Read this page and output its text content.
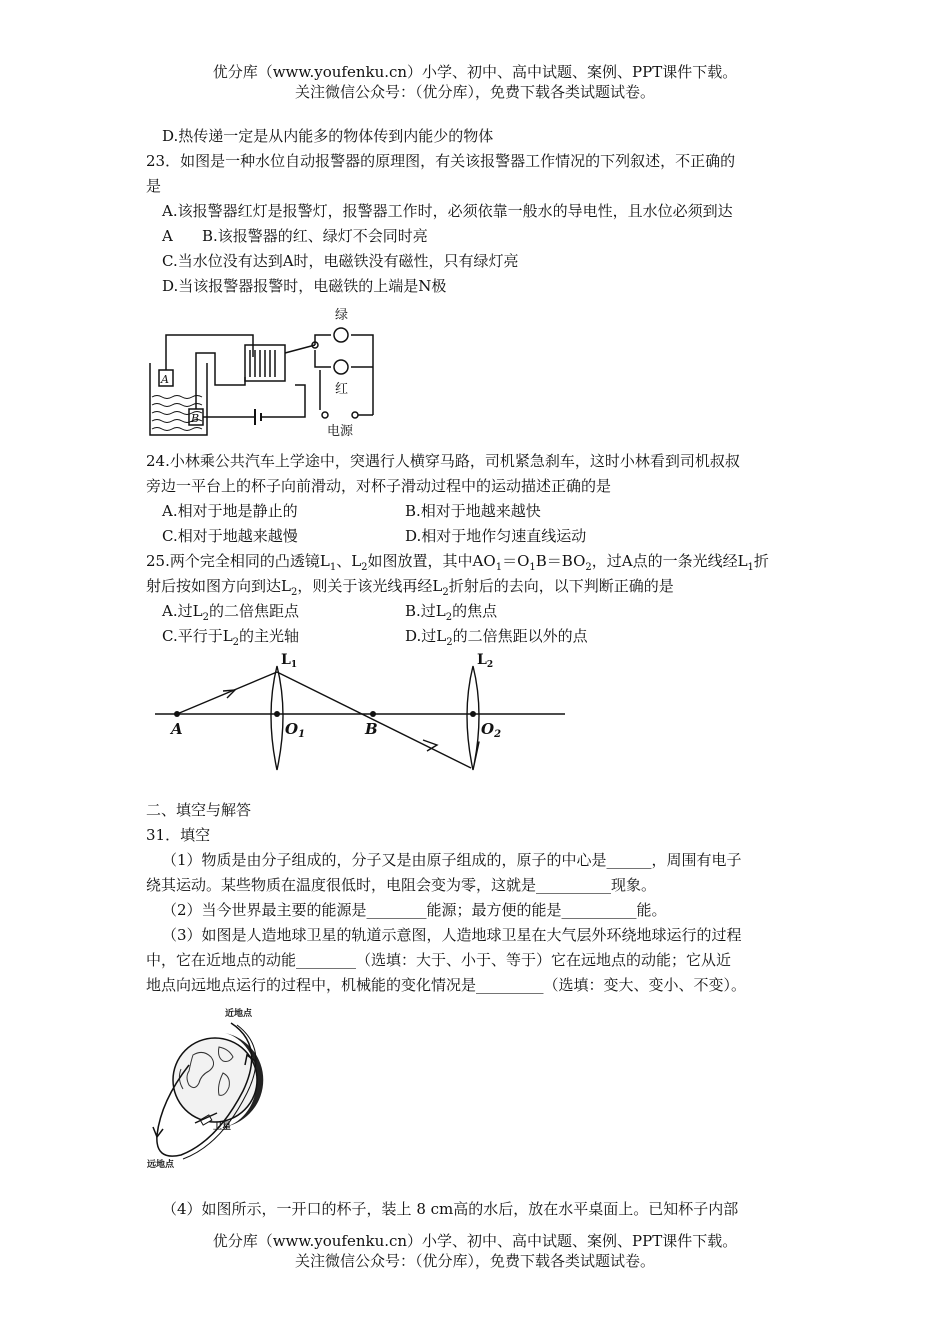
优分库（www.youfenku.cn）小学、初中、高中试题、案例、PPT课件下载。
关注微信公众号：（优分库），免费下载各类试题试卷。
D.热传递一定是从内能多的物体传到内能少的物体
23．如图是一种水位自动报警器的原理图，有关该报警器工作情况的下列叙述，不正确的
是
A.该报警器红灯是报警灯，报警器工作时，必须依靠一般水的导电性，且水位必须到达
A B.该报警器的红、绿灯不会同时亮
C.当水位没有达到A时，电磁铁没有磁性，只有绿灯亮
D.当该报警器报警时，电磁铁的上端是N极
绿
红
电源
A
B
24.小林乘公共汽车上学途中，突遇行人横穿马路，司机紧急刹车，这时小林看到司机叔叔
旁边一平台上的杯子向前滑动，对杯子滑动过程中的运动描述正确的是
A.相对于地是静止的	B.相对于地越来越快
C.相对于地越来越慢	D.相对于地作匀速直线运动
25.两个完全相同的凸透镜$L_1$、$L_2$如图放置，其中$AO_1=O_1B=BO_2$，过A点的一条光线经$L_1$折
射后按如图方向到达$L_2$，则关于该光线再经$L_2$折射后的去向，以下判断正确的是
A.过$L_2$的二倍焦距点	B.过$L_2$的焦点
C.平行于$L_2$的主光轴	D.过$L_2$的二倍焦距以外的点
A	$O_1$	B	$O_2$
$L_1$	$L_2$
二、填空与解答
31．填空
（1）物质是由分子组成的，分子又是由原子组成的，原子的中心是______，周围有电子
绕其运动。某些物质在温度很低时，电阻会变为零，这就是__________现象。
（2）当今世界最主要的能源是________能源；最方便的能是__________能。
（3）如图是人造地球卫星的轨道示意图，人造地球卫星在大气层外环绕地球运行的过程
中，它在近地点的动能________（选填：大于、小于、等于）它在远地点的动能；它从近
地点向远地点运行的过程中，机械能的变化情况是_________（选填：变大、变小、不变）。
近地点
卫星
远地点
（4）如图所示，一开口的杯子，装上 8 cm高的水后，放在水平桌面上。已知杯子内部
优分库（www.youfenku.cn）小学、初中、高中试题、案例、PPT课件下载。
关注微信公众号：（优分库），免费下载各类试题试卷。
